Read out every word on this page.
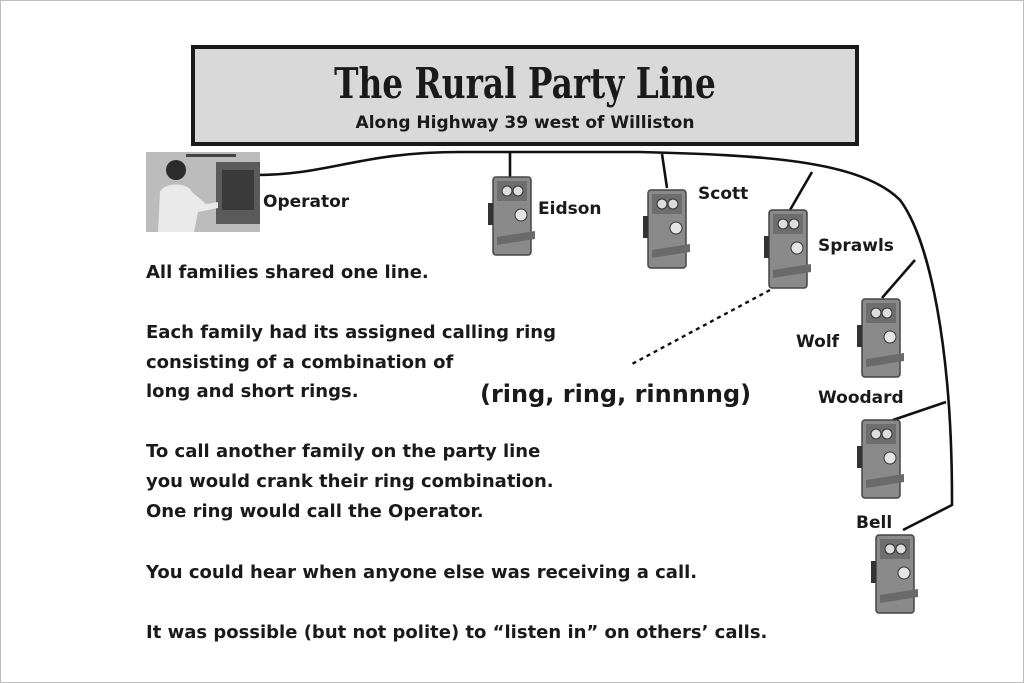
The Rural Party Line
Along Highway 39 west of Williston
Operator	Eidson
Scott
Sprawls
Wolf
Woodard
Bell
All families shared one line.
Each family had its assigned calling ring
consisting of a combination of
long and short rings.	(ring, ring, rinnnng)
To call another family on the party line
you would crank their ring combination.
One ring would call the Operator.
You could hear when anyone else was receiving a call.
It was possible (but not polite) to “listen in” on others’ calls.
